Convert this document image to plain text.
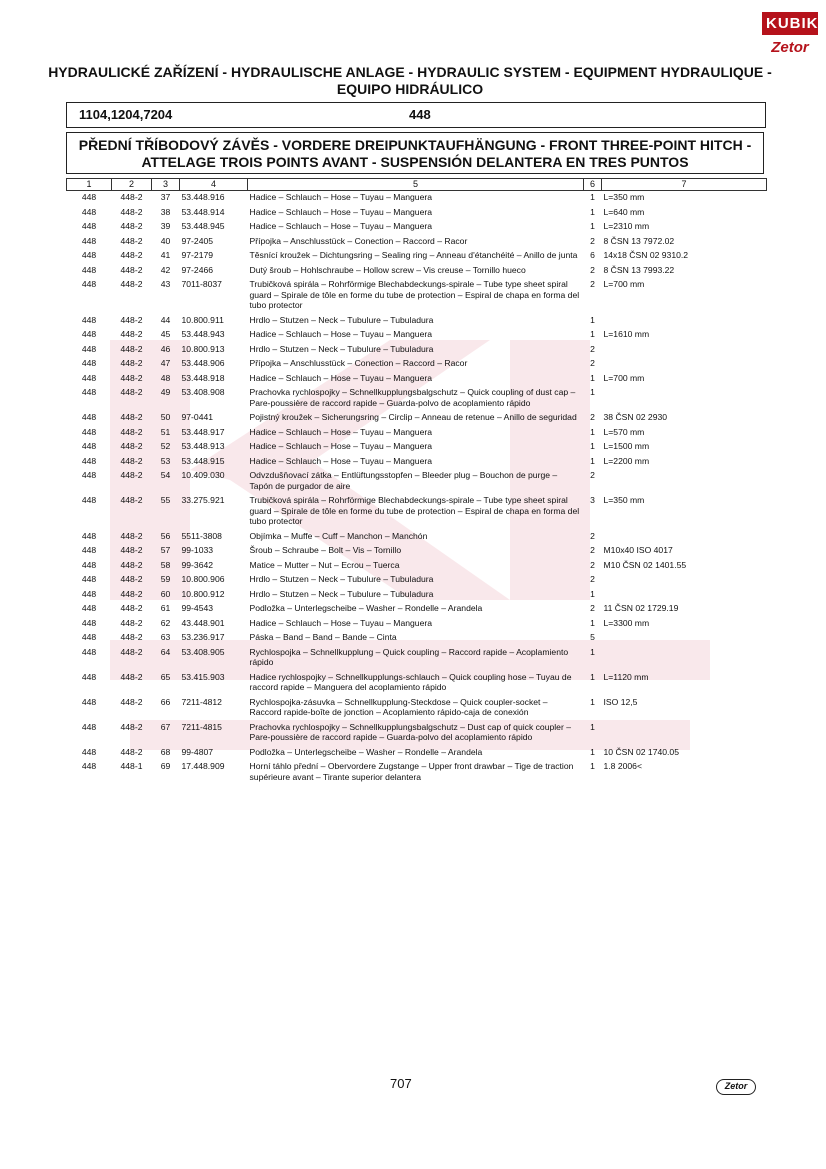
KUBIK
Zetor
HYDRAULICKÉ ZAŘÍZENÍ - HYDRAULISCHE ANLAGE - HYDRAULIC SYSTEM - EQUIPMENT HYDRAULIQUE - EQUIPO HIDRÁULICO
1104,1204,7204	448
PŘEDNÍ TŘÍBODOVÝ ZÁVĚS - VORDERE DREIPUNKTAUFHÄNGUNG - FRONT THREE-POINT HITCH - ATTELAGE TROIS POINTS AVANT - SUSPENSIÓN DELANTERA EN TRES PUNTOS
1	2	3	4	5	6	7
448	448-2	37	53.448.916	Hadice – Schlauch – Hose – Tuyau – Manguera	1	L=350 mm
448	448-2	38	53.448.914	Hadice – Schlauch – Hose – Tuyau – Manguera	1	L=640 mm
448	448-2	39	53.448.945	Hadice – Schlauch – Hose – Tuyau – Manguera	1	L=2310 mm
448	448-2	40	97-2405	Přípojka – Anschlusstück – Conection – Raccord – Racor	2	8 ČSN 13 7972.02
448	448-2	41	97-2179	Těsnící kroužek – Dichtungsring – Sealing ring – Anneau d'étanchéité – Anillo de junta	6	14x18 ČSN 02 9310.2
448	448-2	42	97-2466	Dutý šroub – Hohlschraube – Hollow screw – Vis creuse – Tornillo hueco	2	8 ČSN 13 7993.22
448	448-2	43	7011-8037	Trubičková spirála – Rohrförmige Blechabdeckungs-spirale – Tube type sheet spiral guard – Spirale de tôle en forme du tube de protection – Espiral de chapa en forma del tubo protector	2	L=700 mm
448	448-2	44	10.800.911	Hrdlo – Stutzen – Neck – Tubulure – Tubuladura	1	
448	448-2	45	53.448.943	Hadice – Schlauch – Hose – Tuyau – Manguera	1	L=1610 mm
448	448-2	46	10.800.913	Hrdlo – Stutzen – Neck – Tubulure – Tubuladura	2	
448	448-2	47	53.448.906	Přípojka – Anschlusstück – Conection – Raccord – Racor	2	
448	448-2	48	53.448.918	Hadice – Schlauch – Hose – Tuyau – Manguera	1	L=700 mm
448	448-2	49	53.408.908	Prachovka rychlospojky – Schnellkupplungsbalgschutz – Quick coupling of dust cap – Pare-poussière de raccord rapide – Guarda-polvo de acoplamiento rápido	1	
448	448-2	50	97-0441	Pojistný kroužek – Sicherungsring – Circlip – Anneau de retenue – Anillo de seguridad	2	38 ČSN 02 2930
448	448-2	51	53.448.917	Hadice – Schlauch – Hose – Tuyau – Manguera	1	L=570 mm
448	448-2	52	53.448.913	Hadice – Schlauch – Hose – Tuyau – Manguera	1	L=1500 mm
448	448-2	53	53.448.915	Hadice – Schlauch – Hose – Tuyau – Manguera	1	L=2200 mm
448	448-2	54	10.409.030	Odvzdušňovací zátka – Entlüftungsstopfen – Bleeder plug – Bouchon de purge – Tapón de purgador de aire	2	
448	448-2	55	33.275.921	Trubičková spirála – Rohrförmige Blechabdeckungs-spirale – Tube type sheet spiral guard – Spirale de tôle en forme du tube de protection – Espiral de chapa en forma del tubo protector	3	L=350 mm
448	448-2	56	5511-3808	Objímka – Muffe – Cuff – Manchon – Manchón	2	
448	448-2	57	99-1033	Šroub – Schraube – Bolt – Vis – Tornillo	2	M10x40 ISO 4017
448	448-2	58	99-3642	Matice – Mutter – Nut – Ecrou – Tuerca	2	M10 ČSN 02 1401.55
448	448-2	59	10.800.906	Hrdlo – Stutzen – Neck – Tubulure – Tubuladura	2	
448	448-2	60	10.800.912	Hrdlo – Stutzen – Neck – Tubulure – Tubuladura	1	
448	448-2	61	99-4543	Podložka – Unterlegscheibe – Washer – Rondelle – Arandela	2	11 ČSN 02 1729.19
448	448-2	62	43.448.901	Hadice – Schlauch – Hose – Tuyau – Manguera	1	L=3300 mm
448	448-2	63	53.236.917	Páska – Band – Band – Bande – Cinta	5	
448	448-2	64	53.408.905	Rychlospojka – Schnellkupplung – Quick coupling – Raccord rapide – Acoplamiento rápido	1	
448	448-2	65	53.415.903	Hadice rychlospojky – Schnellkupplungs-schlauch – Quick coupling hose – Tuyau de raccord rapide – Manguera del acoplamiento rápido	1	L=1120 mm
448	448-2	66	7211-4812	Rychlospojka-zásuvka – Schnellkupplung-Steckdose – Quick coupler-socket – Raccord rapide-boîte de jonction – Acoplamiento rápido-caja de conexión	1	ISO 12,5
448	448-2	67	7211-4815	Prachovka rychlospojky – Schnellkupplungsbalgschutz – Dust cap of quick coupler – Pare-poussière de raccord rapide – Guarda-polvo del acoplamiento rápido	1	
448	448-2	68	99-4807	Podložka – Unterlegscheibe – Washer – Rondelle – Arandela	1	10 ČSN 02 1740.05
448	448-1	69	17.448.909	Horní táhlo přední – Obervordere Zugstange – Upper front drawbar – Tige de traction supérieure avant – Tirante superior delantera	1	1.8 2006<
707	Zetor
